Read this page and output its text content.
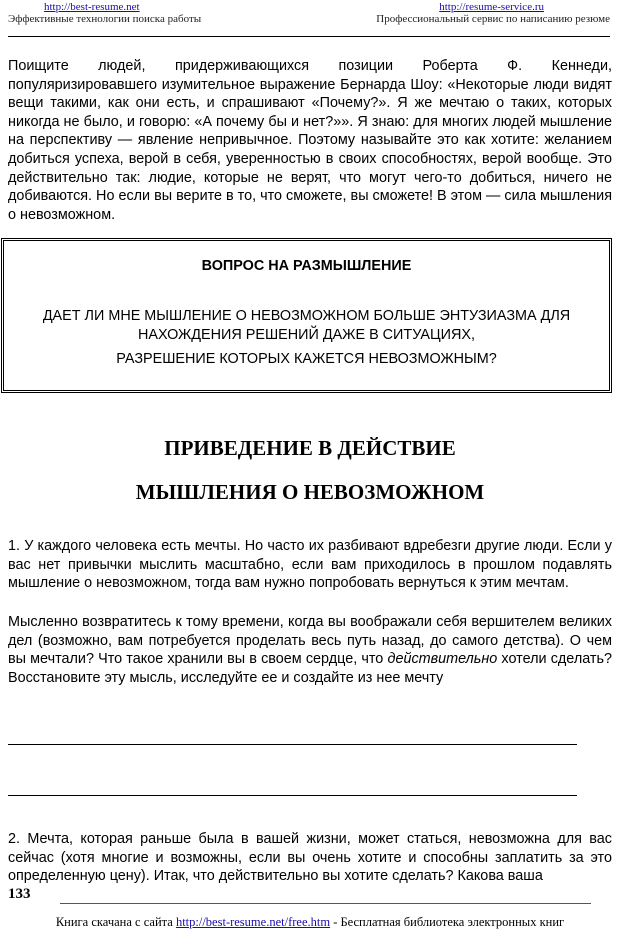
http://best-resume.net
Эффективные технологии поиска работы
http://resume-service.ru
Профессиональный сервис по написанию резюме

Поищите людей, придерживающихся позиции Роберта Ф. Кеннеди, популяризировавшего изумительное выражение Бернарда Шоу: «Некоторые люди видят вещи такими, как они есть, и спрашивают «Почему?». Я же мечтаю о таких, которых никогда не было, и говорю: «А почему бы и нет?»». Я знаю: для многих людей мышление на перспективу — явление непривычное. Поэтому называйте это как хотите: желанием добиться успеха, верой в себя, уверенностью в своих способностях, верой вообще. Это действительно так: людие, которые не верят, что могут чего-то добиться, ничего не добиваются. Но если вы верите в то, что сможете, вы сможете! В этом — сила мышления о невозможном.

ВОПРОС НА РАЗМЫШЛЕНИЕ
ДАЕТ ЛИ МНЕ МЫШЛЕНИЕ О НЕВОЗМОЖНОМ БОЛЬШЕ ЭНТУЗИАЗМА ДЛЯ
НАХОЖДЕНИЯ РЕШЕНИЙ ДАЖЕ В СИТУАЦИЯХ,
РАЗРЕШЕНИЕ КОТОРЫХ КАЖЕТСЯ НЕВОЗМОЖНЫМ?
ПРИВЕДЕНИЕ В ДЕЙСТВИЕ
МЫШЛЕНИЯ О НЕВОЗМОЖНОМ

1. У каждого человека есть мечты. Но часто их разбивают вдребезги другие люди. Если у вас нет привычки мыслить масштабно, если вам приходилось в прошлом подавлять мышление о невозможном, тогда вам нужно попробовать вернуться к этим мечтам.

Мысленно возвратитесь к тому времени, когда вы воображали себя вершителем великих дел (возможно, вам потребуется проделать весь путь назад, до самого детства). О чем вы мечтали? Что такое хранили вы в своем сердце, что действительно хотели сделать? Восстановите эту мысль, исследуйте ее и создайте из нее мечту

2. Мечта, которая раньше была в вашей жизни, может статься, невозможна для вас сейчас (хотя многие и возможны, если вы очень хотите и способны заплатить за это определенную цену). Итак, что действительно вы хотите сделать? Какова ваша

133
Книга скачана с сайта http://best-resume.net/free.htm - Бесплатная библиотека электронных книг
